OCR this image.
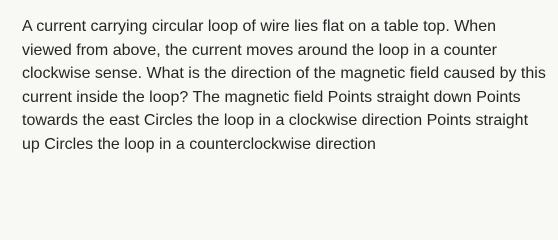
A current carrying circular loop of wire lies flat on a table top. When viewed from above, the current moves around the loop in a counter clockwise sense. What is the direction of the magnetic field caused by this current inside the loop? The magnetic field Points straight down Points towards the east Circles the loop in a clockwise direction Points straight up Circles the loop in a counterclockwise direction
